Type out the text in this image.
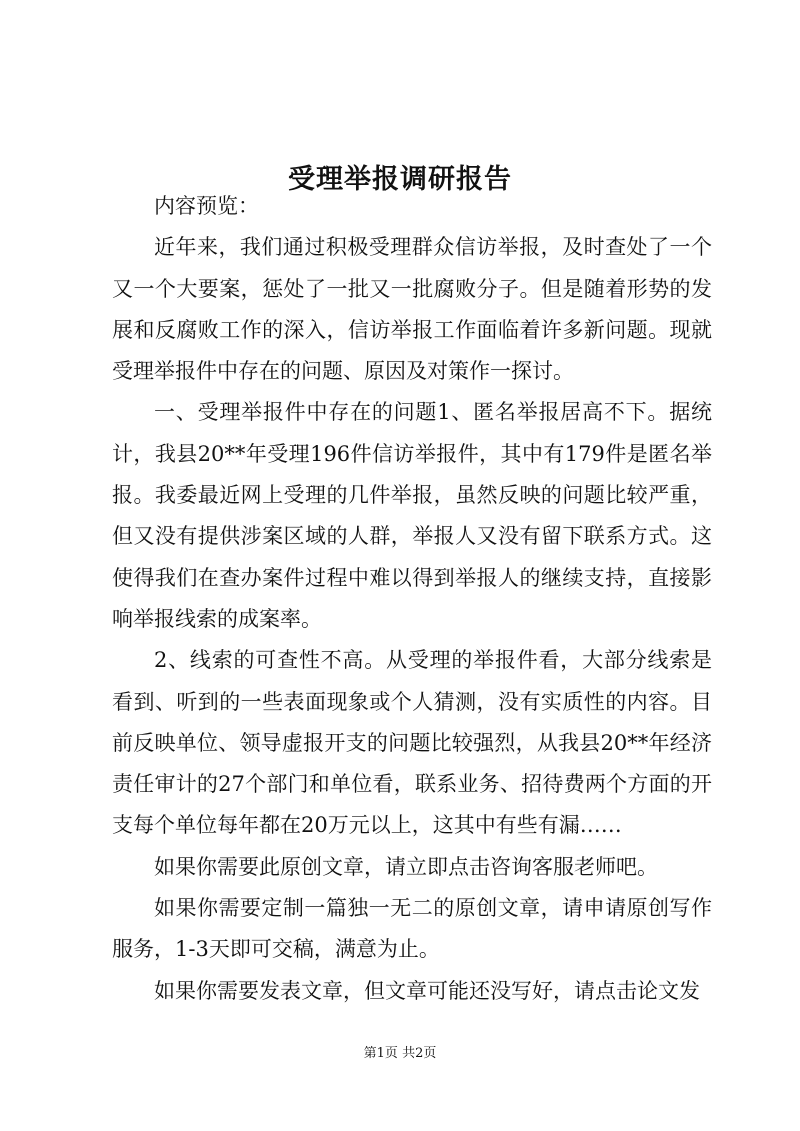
受理举报调研报告

内容预览：

近年来，我们通过积极受理群众信访举报，及时查处了一个又一个大要案，惩处了一批又一批腐败分子。但是随着形势的发展和反腐败工作的深入，信访举报工作面临着许多新问题。现就受理举报件中存在的问题、原因及对策作一探讨。

一、受理举报件中存在的问题1、匿名举报居高不下。据统计，我县20**年受理196件信访举报件，其中有179件是匿名举报。我委最近网上受理的几件举报，虽然反映的问题比较严重，但又没有提供涉案区域的人群，举报人又没有留下联系方式。这使得我们在查办案件过程中难以得到举报人的继续支持，直接影响举报线索的成案率。

2、线索的可查性不高。从受理的举报件看，大部分线索是看到、听到的一些表面现象或个人猜测，没有实质性的内容。目前反映单位、领导虚报开支的问题比较强烈，从我县20**年经济责任审计的27个部门和单位看，联系业务、招待费两个方面的开支每个单位每年都在20万元以上，这其中有些有漏……

如果你需要此原创文章，请立即点击咨询客服老师吧。

如果你需要定制一篇独一无二的原创文章，请申请原创写作服务，1-3天即可交稿，满意为止。

如果你需要发表文章，但文章可能还没写好，请点击论文发

第1页 共2页
